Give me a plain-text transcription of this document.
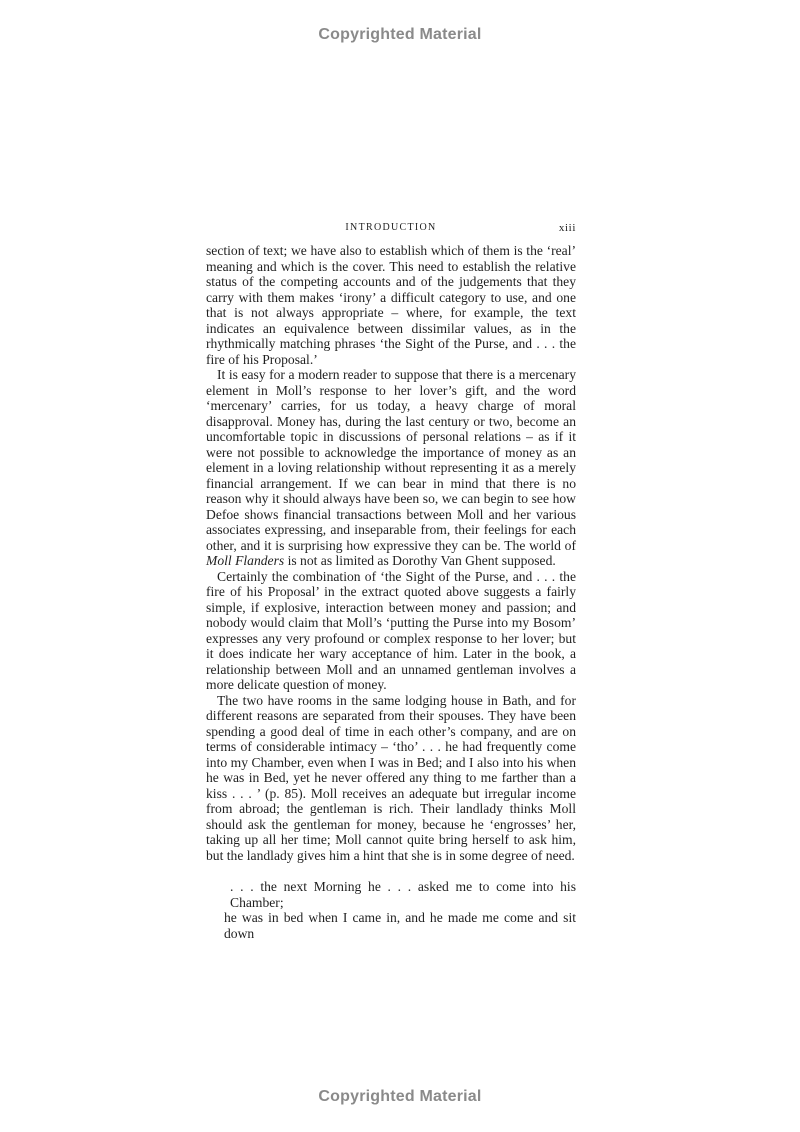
Copyrighted Material
INTRODUCTION	xiii

section of text; we have also to establish which of them is the ‘real’ meaning and which is the cover. This need to establish the relative status of the competing accounts and of the judgements that they carry with them makes ‘irony’ a difficult category to use, and one that is not always appropriate – where, for example, the text indicates an equivalence between dissimilar values, as in the rhythmically matching phrases ‘the Sight of the Purse, and . . . the fire of his Proposal.’

It is easy for a modern reader to suppose that there is a mercenary element in Moll’s response to her lover’s gift, and the word ‘mercenary’ carries, for us today, a heavy charge of moral disapproval. Money has, during the last century or two, become an uncomfortable topic in discussions of personal relations – as if it were not possible to acknowledge the importance of money as an element in a loving relationship without representing it as a merely financial arrangement. If we can bear in mind that there is no reason why it should always have been so, we can begin to see how Defoe shows financial transactions between Moll and her various associates expressing, and inseparable from, their feelings for each other, and it is surprising how expressive they can be. The world of Moll Flanders is not as limited as Dorothy Van Ghent supposed.

Certainly the combination of ‘the Sight of the Purse, and . . . the fire of his Proposal’ in the extract quoted above suggests a fairly simple, if explosive, interaction between money and passion; and nobody would claim that Moll’s ‘putting the Purse into my Bosom’ expresses any very profound or complex response to her lover; but it does indicate her wary acceptance of him. Later in the book, a relationship between Moll and an unnamed gentleman involves a more delicate question of money.

The two have rooms in the same lodging house in Bath, and for different reasons are separated from their spouses. They have been spending a good deal of time in each other’s company, and are on terms of considerable intimacy – ‘tho’ . . . he had frequently come into my Chamber, even when I was in Bed; and I also into his when he was in Bed, yet he never offered any thing to me farther than a kiss . . . ’ (p. 85). Moll receives an adequate but irregular income from abroad; the gentleman is rich. Their landlady thinks Moll should ask the gentleman for money, because he ‘engrosses’ her, taking up all her time; Moll cannot quite bring herself to ask him, but the landlady gives him a hint that she is in some degree of need.

. . . the next Morning he . . . asked me to come into his Chamber;
he was in bed when I came in, and he made me come and sit down
Copyrighted Material
